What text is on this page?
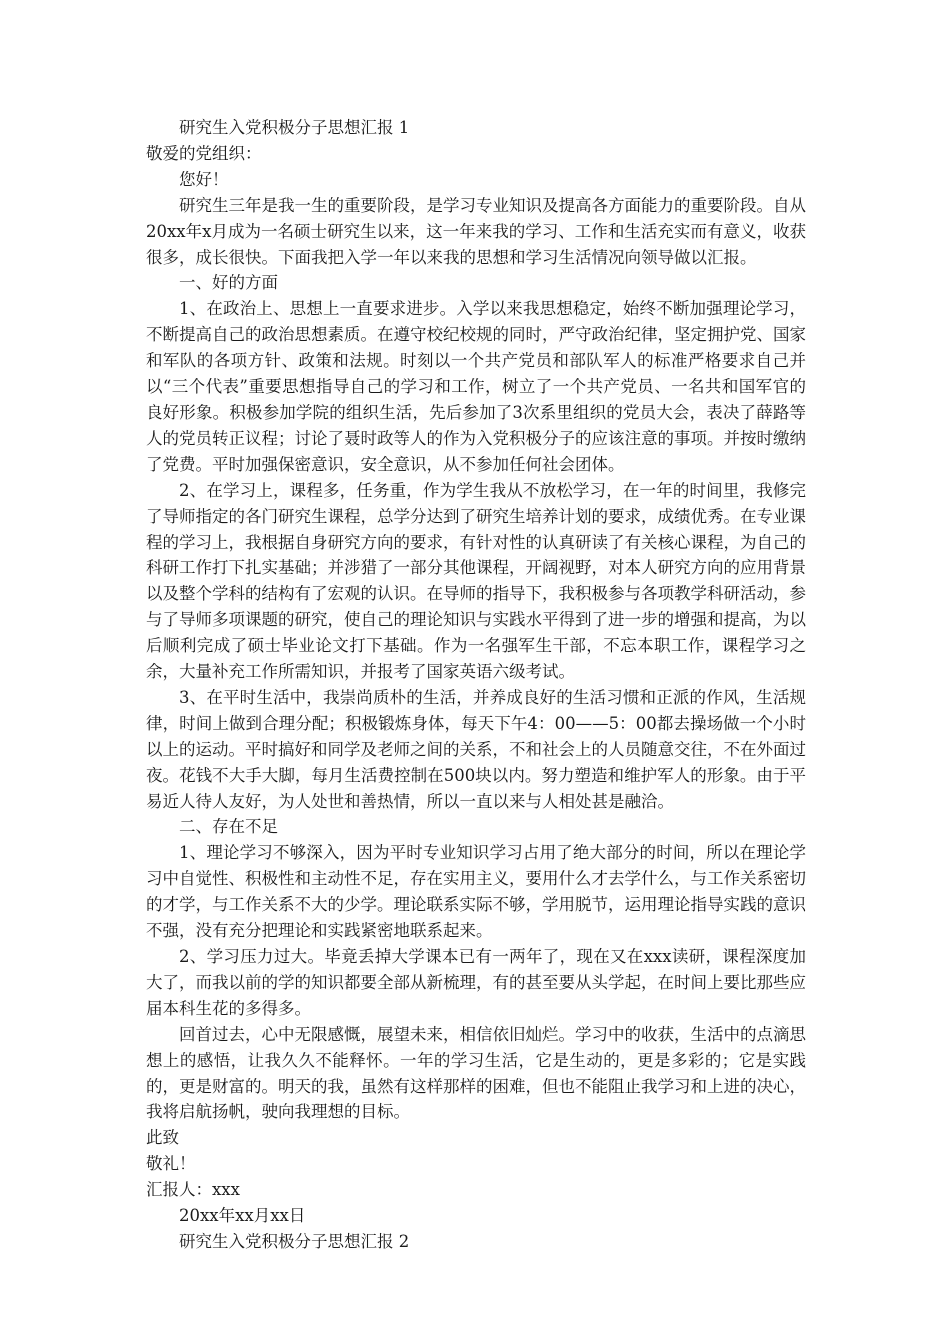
研究生入党积极分子思想汇报 1

敬爱的党组织：

您好！

研究生三年是我一生的重要阶段，是学习专业知识及提高各方面能力的重要阶段。自从20xx年x月成为一名硕士研究生以来，这一年来我的学习、工作和生活充实而有意义，收获很多，成长很快。下面我把入学一年以来我的思想和学习生活情况向领导做以汇报。

一、好的方面

1、在政治上、思想上一直要求进步。入学以来我思想稳定，始终不断加强理论学习，不断提高自己的政治思想素质。在遵守校纪校规的同时，严守政治纪律，坚定拥护党、国家和军队的各项方针、政策和法规。时刻以一个共产党员和部队军人的标准严格要求自己并以“三个代表”重要思想指导自己的学习和工作，树立了一个共产党员、一名共和国军官的良好形象。积极参加学院的组织生活，先后参加了3次系里组织的党员大会，表决了薛路等人的党员转正议程；讨论了聂时政等人的作为入党积极分子的应该注意的事项。并按时缴纳了党费。平时加强保密意识，安全意识，从不参加任何社会团体。

2、在学习上，课程多，任务重，作为学生我从不放松学习，在一年的时间里，我修完了导师指定的各门研究生课程，总学分达到了研究生培养计划的要求，成绩优秀。在专业课程的学习上，我根据自身研究方向的要求，有针对性的认真研读了有关核心课程，为自己的科研工作打下扎实基础；并涉猎了一部分其他课程，开阔视野，对本人研究方向的应用背景以及整个学科的结构有了宏观的认识。在导师的指导下，我积极参与各项教学科研活动，参与了导师多项课题的研究，使自己的理论知识与实践水平得到了进一步的增强和提高，为以后顺利完成了硕士毕业论文打下基础。作为一名强军生干部，不忘本职工作，课程学习之余，大量补充工作所需知识，并报考了国家英语六级考试。

3、在平时生活中，我崇尚质朴的生活，并养成良好的生活习惯和正派的作风，生活规律，时间上做到合理分配；积极锻炼身体，每天下午4：00——5：00都去操场做一个小时以上的运动。平时搞好和同学及老师之间的关系，不和社会上的人员随意交往，不在外面过夜。花钱不大手大脚，每月生活费控制在500块以内。努力塑造和维护军人的形象。由于平易近人待人友好，为人处世和善热情，所以一直以来与人相处甚是融洽。

二、存在不足

1、理论学习不够深入，因为平时专业知识学习占用了绝大部分的时间，所以在理论学习中自觉性、积极性和主动性不足，存在实用主义，要用什么才去学什么，与工作关系密切的才学，与工作关系不大的少学。理论联系实际不够，学用脱节，运用理论指导实践的意识不强，没有充分把理论和实践紧密地联系起来。

2、学习压力过大。毕竟丢掉大学课本已有一两年了，现在又在xxx读研，课程深度加大了，而我以前的学的知识都要全部从新梳理，有的甚至要从头学起，在时间上要比那些应届本科生花的多得多。

回首过去，心中无限感慨，展望未来，相信依旧灿烂。学习中的收获，生活中的点滴思想上的感悟，让我久久不能释怀。一年的学习生活，它是生动的，更是多彩的；它是实践的，更是财富的。明天的我，虽然有这样那样的困难，但也不能阻止我学习和上进的决心，我将启航扬帆，驶向我理想的目标。

此致

敬礼！

汇报人：xxx

20xx年xx月xx日

研究生入党积极分子思想汇报 2
